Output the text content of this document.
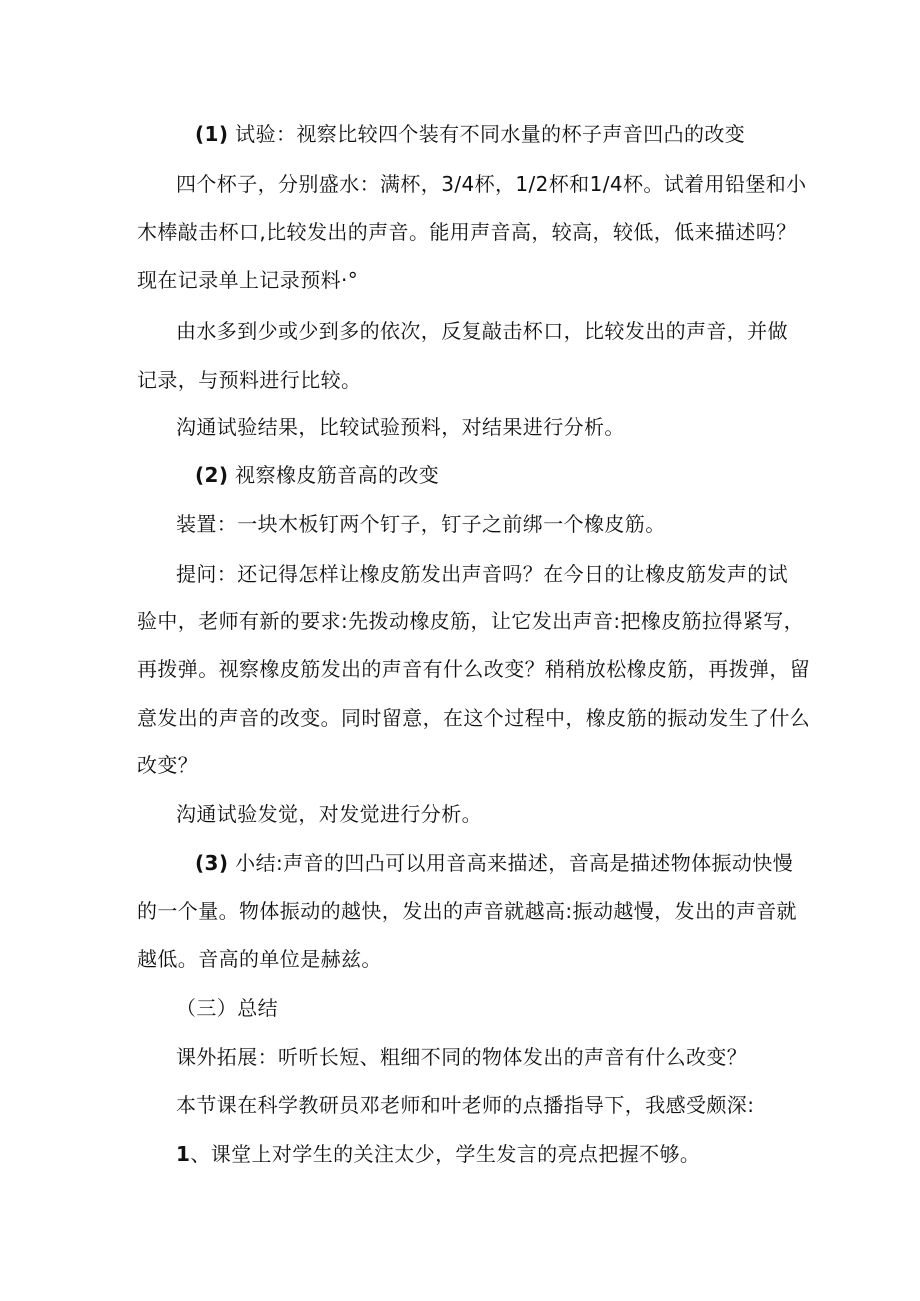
(1) 试验：视察比较四个装有不同水量的杯子声音凹凸的改变
四个杯子，分别盛水：满杯，3/4杯，1/2杯和1/4杯。试着用铅堡和小
木棒敲击杯口,比较发出的声音。能用声音高，较高，较低，低来描述吗？
现在记录单上记录预料·°
由水多到少或少到多的依次，反复敲击杯口，比较发出的声音，并做
记录，与预料进行比较。
沟通试验结果，比较试验预料，对结果进行分析。
(2) 视察橡皮筋音高的改变
装置：一块木板钉两个钉子，钉子之前绑一个橡皮筋。
提问：还记得怎样让橡皮筋发出声音吗？在今日的让橡皮筋发声的试
验中，老师有新的要求:先拨动橡皮筋，让它发出声音:把橡皮筋拉得紧写，
再拨弹。视察橡皮筋发出的声音有什么改变？稍稍放松橡皮筋，再拨弹，留
意发出的声音的改变。同时留意，在这个过程中，橡皮筋的振动发生了什么
改变？
沟通试验发觉，对发觉进行分析。
(3) 小结:声音的凹凸可以用音高来描述，音高是描述物体振动快慢
的一个量。物体振动的越快，发出的声音就越高:振动越慢，发出的声音就
越低。音高的单位是赫兹。
（三）总结
课外拓展：听听长短、粗细不同的物体发出的声音有什么改变？
本节课在科学教研员邓老师和叶老师的点播指导下，我感受颇深:
1、课堂上对学生的关注太少，学生发言的亮点把握不够。
